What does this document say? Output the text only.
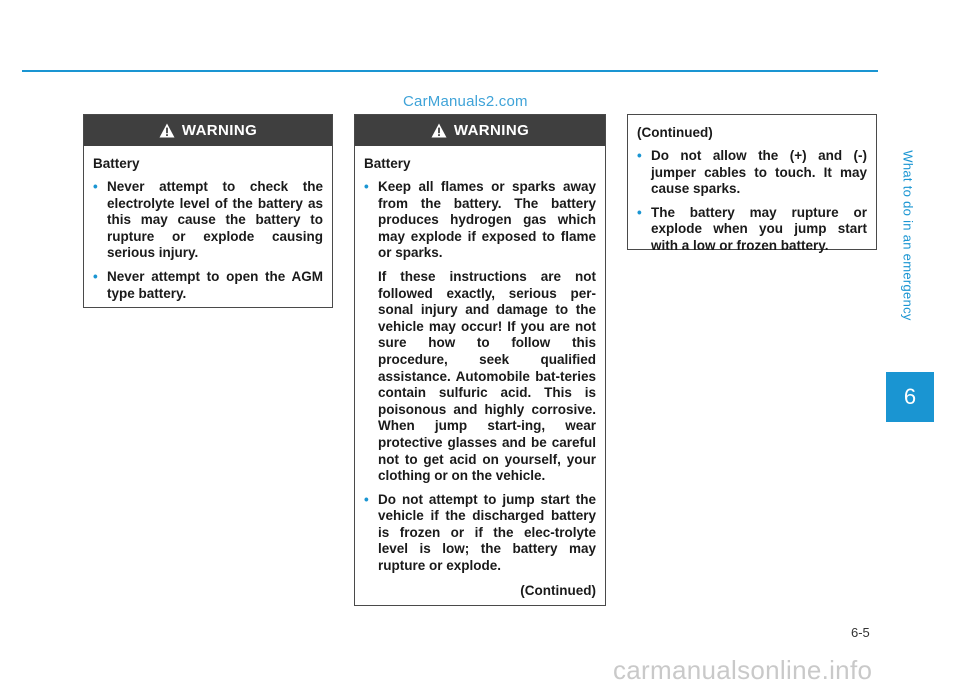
CarManuals2.com
What to do in an emergency
6
WARNING
Battery
• Never attempt to check the electrolyte level of the battery as this may cause the battery to rupture or explode causing serious injury.
• Never attempt to open the AGM type battery.
WARNING
Battery
• Keep all flames or sparks away from the battery. The battery produces hydrogen gas which may explode if exposed to flame or sparks.
If these instructions are not followed exactly, serious per-sonal injury and damage to the vehicle may occur! If you are not sure how to follow this procedure, seek qualified assistance. Automobile bat-teries contain sulfuric acid. This is poisonous and highly corrosive. When jump start-ing, wear protective glasses and be careful not to get acid on yourself, your clothing or on the vehicle.
• Do not attempt to jump start the vehicle if the discharged battery is frozen or if the elec-trolyte level is low; the battery may rupture or explode.
(Continued)
(Continued)
• Do not allow the (+) and (-) jumper cables to touch. It may cause sparks.
• The battery may rupture or explode when you jump start with a low or frozen battery.
6-5
carmanualsonline.info
